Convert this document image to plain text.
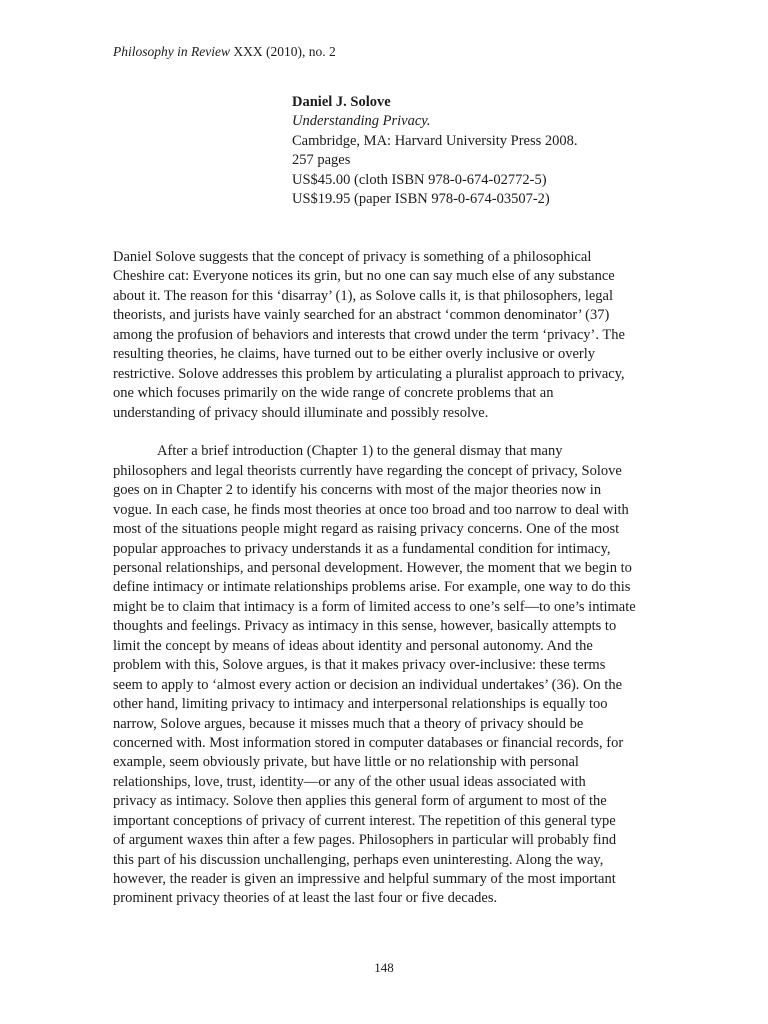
Philosophy in Review XXX (2010), no. 2
Daniel J. Solove
Understanding Privacy.
Cambridge, MA: Harvard University Press 2008.
257 pages
US$45.00 (cloth ISBN 978-0-674-02772-5)
US$19.95 (paper ISBN 978-0-674-03507-2)
Daniel Solove suggests that the concept of privacy is something of a philosophical
Cheshire cat: Everyone notices its grin, but no one can say much else of any substance
about it. The reason for this ‘disarray’ (1), as Solove calls it, is that philosophers, legal
theorists, and jurists have vainly searched for an abstract ‘common denominator’ (37)
among the profusion of behaviors and interests that crowd under the term ‘privacy’. The
resulting theories, he claims, have turned out to be either overly inclusive or overly
restrictive. Solove addresses this problem by articulating a pluralist approach to privacy,
one which focuses primarily on the wide range of concrete problems that an
understanding of privacy should illuminate and possibly resolve.
After a brief introduction (Chapter 1) to the general dismay that many
philosophers and legal theorists currently have regarding the concept of privacy, Solove
goes on in Chapter 2 to identify his concerns with most of the major theories now in
vogue. In each case, he finds most theories at once too broad and too narrow to deal with
most of the situations people might regard as raising privacy concerns. One of the most
popular approaches to privacy understands it as a fundamental condition for intimacy,
personal relationships, and personal development. However, the moment that we begin to
define intimacy or intimate relationships problems arise. For example, one way to do this
might be to claim that intimacy is a form of limited access to one’s self—to one’s intimate
thoughts and feelings. Privacy as intimacy in this sense, however, basically attempts to
limit the concept by means of ideas about identity and personal autonomy. And the
problem with this, Solove argues, is that it makes privacy over-inclusive: these terms
seem to apply to ‘almost every action or decision an individual undertakes’ (36). On the
other hand, limiting privacy to intimacy and interpersonal relationships is equally too
narrow, Solove argues, because it misses much that a theory of privacy should be
concerned with. Most information stored in computer databases or financial records, for
example, seem obviously private, but have little or no relationship with personal
relationships, love, trust, identity—or any of the other usual ideas associated with
privacy as intimacy. Solove then applies this general form of argument to most of the
important conceptions of privacy of current interest. The repetition of this general type
of argument waxes thin after a few pages. Philosophers in particular will probably find
this part of his discussion unchallenging, perhaps even uninteresting. Along the way,
however, the reader is given an impressive and helpful summary of the most important
prominent privacy theories of at least the last four or five decades.
148
